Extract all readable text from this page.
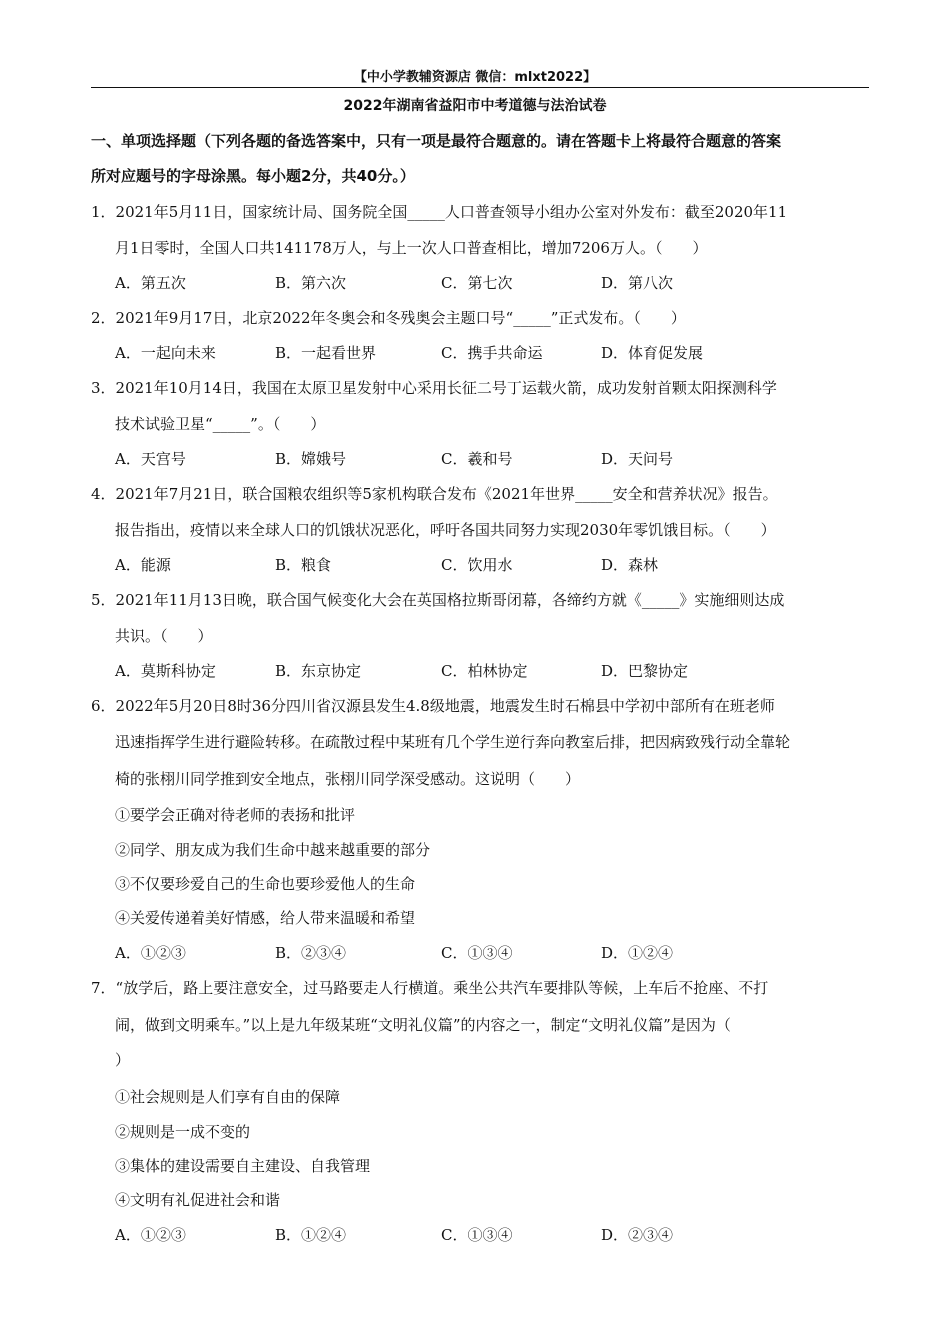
【中小学教辅资源店 微信：mlxt2022】
2022年湖南省益阳市中考道德与法治试卷
一、单项选择题（下列各题的备选答案中，只有一项是最符合题意的。请在答题卡上将最符合题意的答案
所对应题号的字母涂黑。每小题2分，共40分。）
1．2021年5月11日，国家统计局、国务院全国_____人口普查领导小组办公室对外发布：截至2020年11
月1日零时，全国人口共141178万人，与上一次人口普查相比，增加7206万人。（　　）
A．第五次	B．第六次	C．第七次	D．第八次
2．2021年9月17日，北京2022年冬奥会和冬残奥会主题口号“_____”正式发布。（　　）
A．一起向未来	B．一起看世界	C．携手共命运	D．体育促发展
3．2021年10月14日，我国在太原卫星发射中心采用长征二号丁运载火箭，成功发射首颗太阳探测科学
技术试验卫星“_____”。（　　）
A．天宫号	B．嫦娥号	C．羲和号	D．天问号
4．2021年7月21日，联合国粮农组织等5家机构联合发布《2021年世界_____安全和营养状况》报告。
报告指出，疫情以来全球人口的饥饿状况恶化，呼吁各国共同努力实现2030年零饥饿目标。（　　）
A．能源	B．粮食	C．饮用水	D．森林
5．2021年11月13日晚，联合国气候变化大会在英国格拉斯哥闭幕，各缔约方就《_____》实施细则达成
共识。（　　）
A．莫斯科协定	B．东京协定	C．柏林协定	D．巴黎协定
6．2022年5月20日8时36分四川省汉源县发生4.8级地震，地震发生时石棉县中学初中部所有在班老师
迅速指挥学生进行避险转移。在疏散过程中某班有几个学生逆行奔向教室后排，把因病致残行动全靠轮
椅的张栩川同学推到安全地点，张栩川同学深受感动。这说明（　　）
①要学会正确对待老师的表扬和批评
②同学、朋友成为我们生命中越来越重要的部分
③不仅要珍爱自己的生命也要珍爱他人的生命
④关爱传递着美好情感，给人带来温暖和希望
A．①②③	B．②③④	C．①③④	D．①②④
7．“放学后，路上要注意安全，过马路要走人行横道。乘坐公共汽车要排队等候，上车后不抢座、不打
闹，做到文明乘车。”以上是九年级某班“文明礼仪篇”的内容之一，制定“文明礼仪篇”是因为（
）
①社会规则是人们享有自由的保障
②规则是一成不变的
③集体的建设需要自主建设、自我管理
④文明有礼促进社会和谐
A．①②③	B．①②④	C．①③④	D．②③④
